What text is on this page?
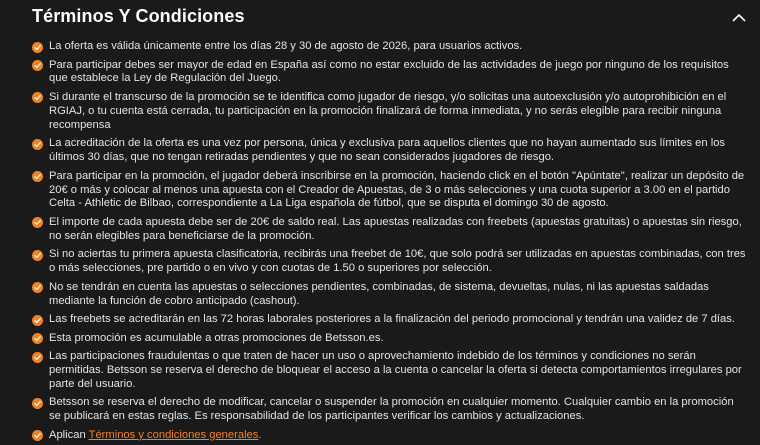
Términos Y Condiciones
La oferta es válida únicamente entre los días 28 y 30 de agosto de 2026, para usuarios activos.
Para participar debes ser mayor de edad en España así como no estar excluido de las actividades de juego por ninguno de los requisitos que establece la Ley de Regulación del Juego.
Si durante el transcurso de la promoción se te identifica como jugador de riesgo, y/o solicitas una autoexclusión y/o autoprohibición en el RGIAJ, o tu cuenta está cerrada, tu participación en la promoción finalizará de forma inmediata, y no serás elegible para recibir ninguna recompensa
La acreditación de la oferta es una vez por persona, única y exclusiva para aquellos clientes que no hayan aumentado sus límites en los últimos 30 días, que no tengan retiradas pendientes y que no sean considerados jugadores de riesgo.
Para participar en la promoción, el jugador deberá inscribirse en la promoción, haciendo click en el botón "Apúntate", realizar un depósito de 20€ o más y colocar al menos una apuesta con el Creador de Apuestas, de 3 o más selecciones y una cuota superior a 3.00 en el partido Celta - Athletic de Bilbao, correspondiente a La Liga española de fútbol, que se disputa el domingo 30 de agosto.
El importe de cada apuesta debe ser de 20€ de saldo real. Las apuestas realizadas con freebets (apuestas gratuitas) o apuestas sin riesgo, no serán elegibles para beneficiarse de la promoción.
Si no aciertas tu primera apuesta clasificatoria, recibirás una freebet de 10€, que solo podrá ser utilizadas en apuestas combinadas, con tres o más selecciones, pre partido o en vivo y con cuotas de 1.50 o superiores por selección.
No se tendrán en cuenta las apuestas o selecciones pendientes, combinadas, de sistema, devueltas, nulas, ni las apuestas saldadas mediante la función de cobro anticipado (cashout).
Las freebets se acreditarán en las 72 horas laborales posteriores a la finalización del periodo promocional y tendrán una validez de 7 días.
Esta promoción es acumulable a otras promociones de Betsson.es.
Las participaciones fraudulentas o que traten de hacer un uso o aprovechamiento indebido de los términos y condiciones no serán permitidas. Betsson se reserva el derecho de bloquear el acceso a la cuenta o cancelar la oferta si detecta comportamientos irregulares por parte del usuario.
Betsson se reserva el derecho de modificar, cancelar o suspender la promoción en cualquier momento. Cualquier cambio en la promoción se publicará en estas reglas. Es responsabilidad de los participantes verificar los cambios y actualizaciones.
Aplican Términos y condiciones generales.
